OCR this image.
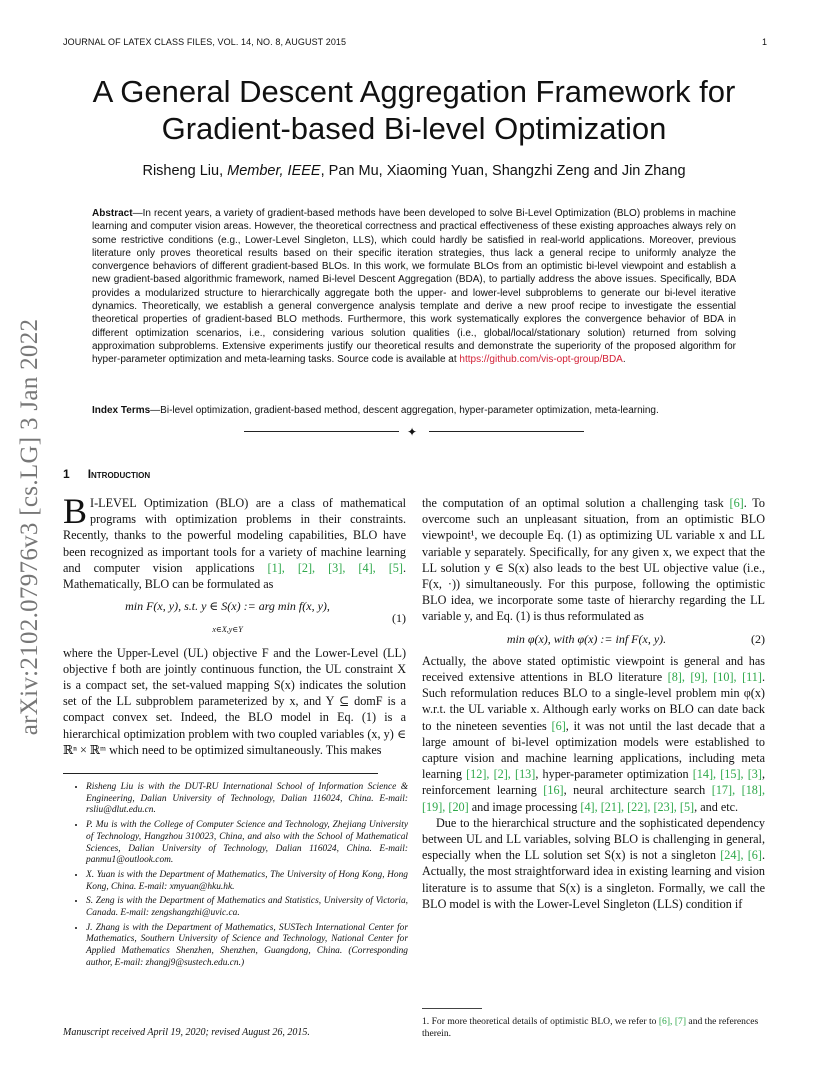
JOURNAL OF LATEX CLASS FILES, VOL. 14, NO. 8, AUGUST 2015	1
arXiv:2102.07976v3 [cs.LG] 3 Jan 2022
A General Descent Aggregation Framework for
Gradient-based Bi-level Optimization
Risheng Liu, Member, IEEE, Pan Mu, Xiaoming Yuan, Shangzhi Zeng and Jin Zhang
Abstract—In recent years, a variety of gradient-based methods have been developed to solve Bi-Level Optimization (BLO) problems in machine learning and computer vision areas. However, the theoretical correctness and practical effectiveness of these existing approaches always rely on some restrictive conditions (e.g., Lower-Level Singleton, LLS), which could hardly be satisfied in real-world applications. Moreover, previous literature only proves theoretical results based on their specific iteration strategies, thus lack a general recipe to uniformly analyze the convergence behaviors of different gradient-based BLOs. In this work, we formulate BLOs from an optimistic bi-level viewpoint and establish a new gradient-based algorithmic framework, named Bi-level Descent Aggregation (BDA), to partially address the above issues. Specifically, BDA provides a modularized structure to hierarchically aggregate both the upper- and lower-level subproblems to generate our bi-level iterative dynamics. Theoretically, we establish a general convergence analysis template and derive a new proof recipe to investigate the essential theoretical properties of gradient-based BLO methods. Furthermore, this work systematically explores the convergence behavior of BDA in different optimization scenarios, i.e., considering various solution qualities (i.e., global/local/stationary solution) returned from solving approximation subproblems. Extensive experiments justify our theoretical results and demonstrate the superiority of the proposed algorithm for hyper-parameter optimization and meta-learning tasks. Source code is available at https://github.com/vis-opt-group/BDA.
Index Terms—Bi-level optimization, gradient-based method, descent aggregation, hyper-parameter optimization, meta-learning.
✦
1 Introduction

B I-LEVEL Optimization (BLO) are a class of mathematical programs with optimization problems in their constraints. Recently, thanks to the powerful modeling capabilities, BLO have been recognized as important tools for a variety of machine learning and computer vision applications [1], [2], [3], [4], [5]. Mathematically, BLO can be formulated as

min F(x, y), s.t. y ∈ S(x) := arg min f(x, y),
$_{x\in X,y\in Y}$
(1)

where the Upper-Level (UL) objective F and the Lower-Level (LL) objective f both are jointly continuous function, the UL constraint X is a compact set, the set-valued mapping S(x) indicates the solution set of the LL subproblem parameterized by x, and Y ⊆ domF is a compact convex set. Indeed, the BLO model in Eq. (1) is a hierarchical optimization problem with two coupled variables (x, y) ∈ ℝⁿ × ℝᵐ which need to be optimized simultaneously. This makes

the computation of an optimal solution a challenging task [6]. To overcome such an unpleasant situation, from an optimistic BLO viewpoint¹, we decouple Eq. (1) as optimizing UL variable x and LL variable y separately. Specifically, for any given x, we expect that the LL solution y ∈ S(x) also leads to the best UL objective value (i.e., F(x, ·)) simultaneously. For this purpose, following the optimistic BLO idea, we incorporate some taste of hierarchy regarding the LL variable y, and Eq. (1) is thus reformulated as

min φ(x), with φ(x) := inf F(x, y).	(2)

Actually, the above stated optimistic viewpoint is general and has received extensive attentions in BLO literature [8], [9], [10], [11]. Such reformulation reduces BLO to a single-level problem min φ(x) w.r.t. the UL variable x. Although early works on BLO can date back to the nineteen seventies [6], it was not until the last decade that a large amount of bi-level optimization models were established to capture vision and machine learning applications, including meta learning [12], [2], [13], hyper-parameter optimization [14], [15], [3], reinforcement learning [16], neural architecture search [17], [18], [19], [20] and image processing [4], [21], [22], [23], [5], and etc.

Due to the hierarchical structure and the sophisticated dependency between UL and LL variables, solving BLO is challenging in general, especially when the LL solution set S(x) is not a singleton [24], [6]. Actually, the most straightforward idea in existing learning and vision literature is to assume that S(x) is a singleton. Formally, we call the BLO model is with the Lower-Level Singleton (LLS) condition if

• Risheng Liu is with the DUT-RU International School of Information Science & Engineering, Dalian University of Technology, Dalian 116024, China. E-mail: rsliu@dlut.edu.cn.
• P. Mu is with the College of Computer Science and Technology, Zhejiang University of Technology, Hangzhou 310023, China, and also with the School of Mathematical Sciences, Dalian University of Technology, Dalian 116024, China. E-mail: panmu1@outlook.com.
• X. Yuan is with the Department of Mathematics, The University of Hong Kong, Hong Kong, China. E-mail: xmyuan@hku.hk.
• S. Zeng is with the Department of Mathematics and Statistics, University of Victoria, Canada. E-mail: zengshangzhi@uvic.ca.
• J. Zhang is with the Department of Mathematics, SUSTech International Center for Mathematics, Southern University of Science and Technology, National Center for Applied Mathematics Shenzhen, Shenzhen, Guangdong, China. (Corresponding author, E-mail: zhangj9@sustech.edu.cn.)
Manuscript received April 19, 2020; revised August 26, 2015.
1. For more theoretical details of optimistic BLO, we refer to [6], [7] and the references therein.
